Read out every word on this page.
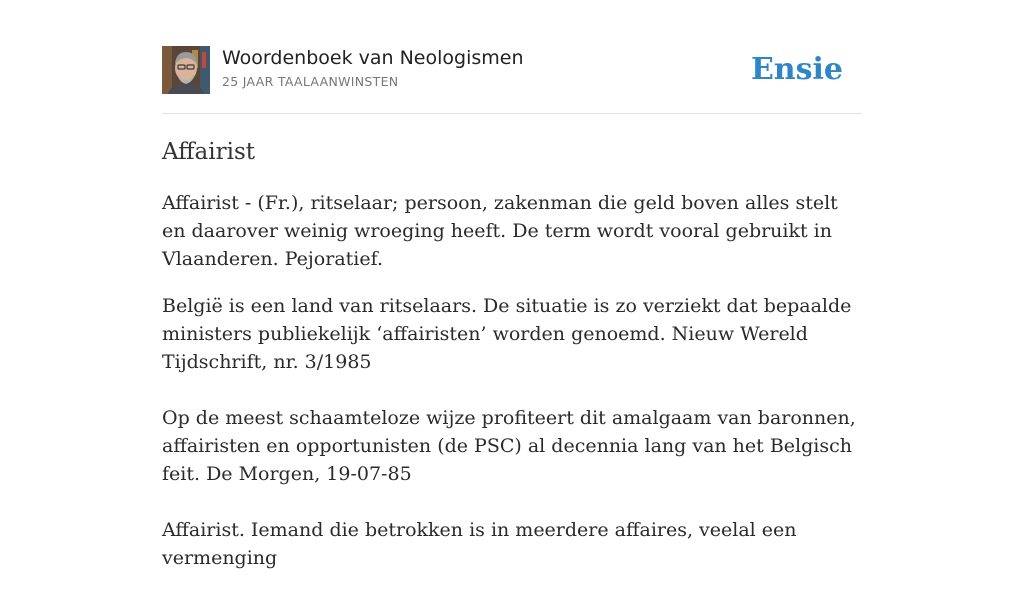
Woordenboek van Neologismen
25 JAAR TAALAANWINSTEN	Ensie
Affairist

Affairist - (Fr.), ritselaar; persoon, zakenman die geld boven alles stelt en daarover weinig wroeging heeft. De term wordt vooral gebruikt in Vlaanderen. Pejoratief.

België is een land van ritselaars. De situatie is zo verziekt dat bepaalde ministers publiekelijk ‘affairisten’ worden genoemd. Nieuw Wereld Tijdschrift, nr. 3/1985

Op de meest schaamteloze wijze profiteert dit amalgaam van baronnen, affairisten en opportunisten (de PSC) al decennia lang van het Belgisch feit. De Morgen, 19-07-85

Affairist. Iemand die betrokken is in meerdere affaires, veelal een vermenging
